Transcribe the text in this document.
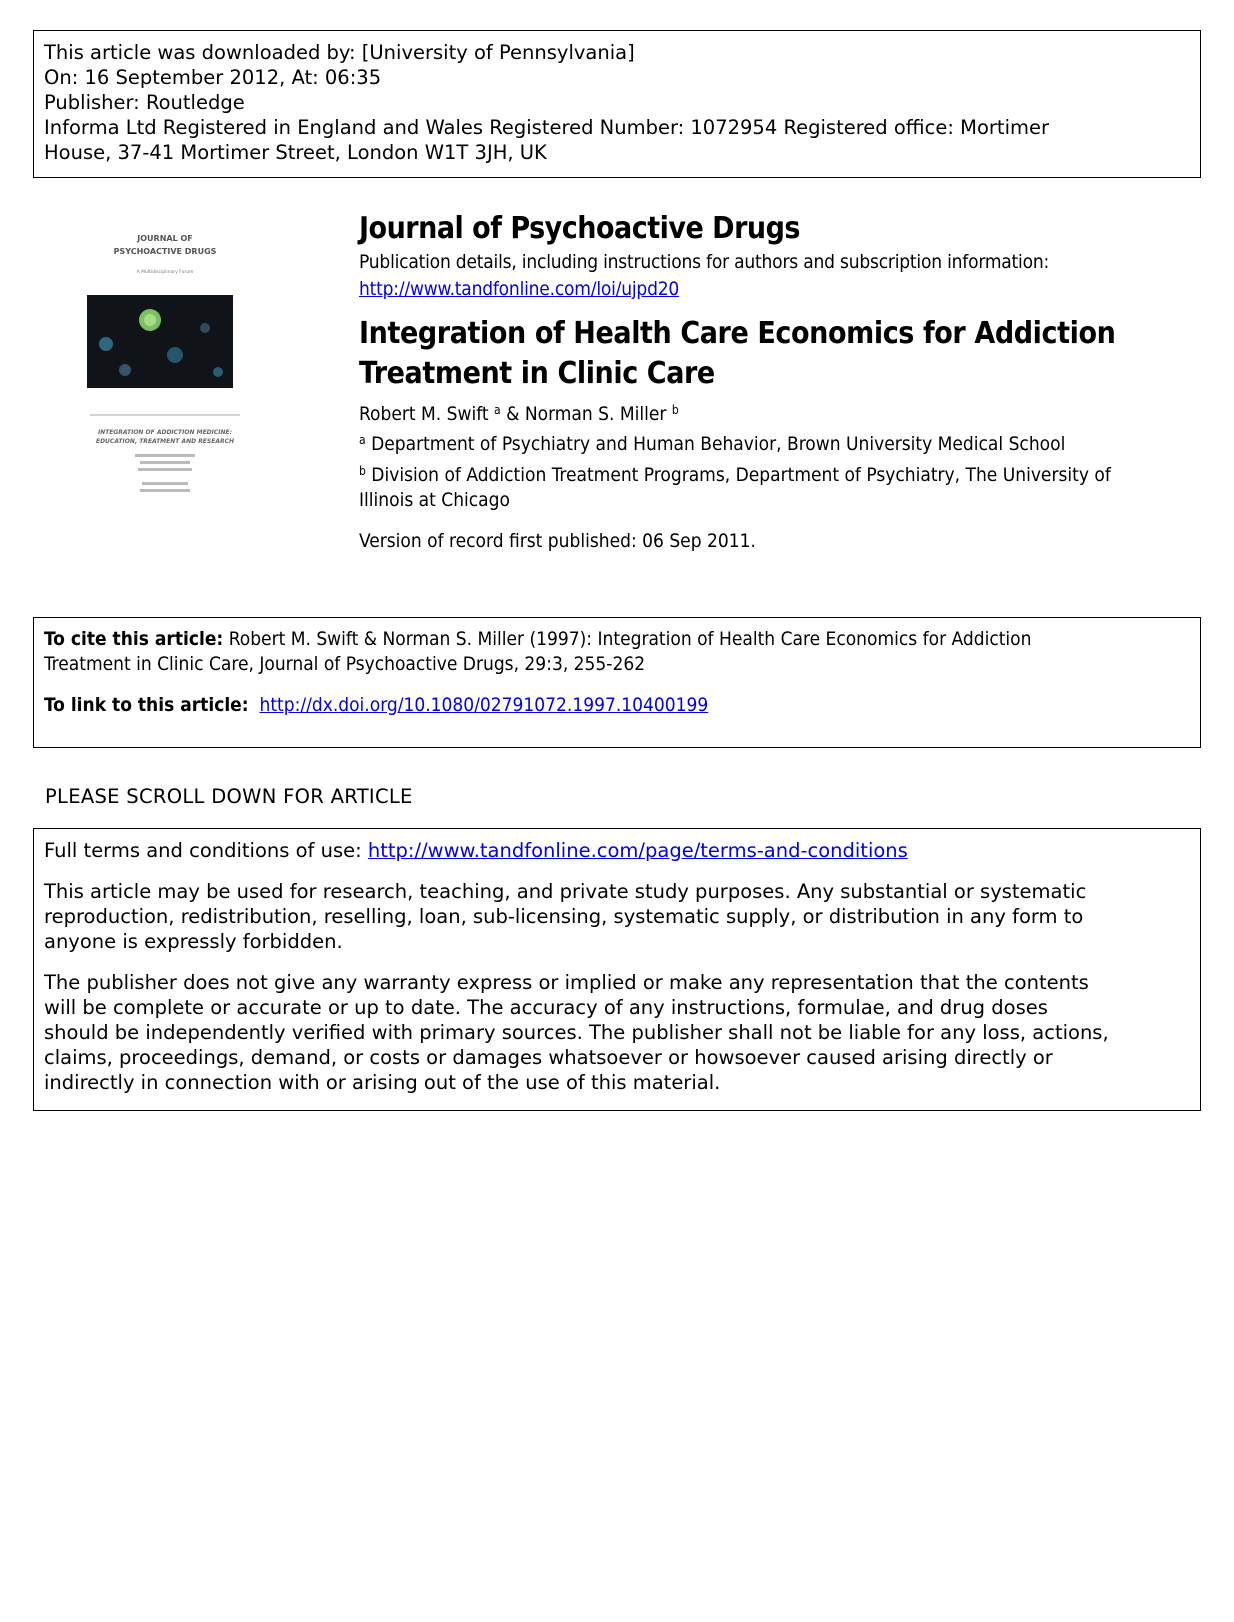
This article was downloaded by: [University of Pennsylvania]
On: 16 September 2012, At: 06:35
Publisher: Routledge
Informa Ltd Registered in England and Wales Registered Number: 1072954 Registered office: Mortimer
House, 37-41 Mortimer Street, London W1T 3JH, UK
JOURNAL OF
PSYCHOACTIVE DRUGS
A Multidisciplinary Forum
INTEGRATION OF ADDICTION MEDICINE:
EDUCATION, TREATMENT AND RESEARCH
Journal of Psychoactive Drugs
Publication details, including instructions for authors and subscription information:
http://www.tandfonline.com/loi/ujpd20
Integration of Health Care Economics for Addiction
Treatment in Clinic Care
Robert M. Swift $^a$ & Norman S. Miller $^b$
$^a$ Department of Psychiatry and Human Behavior, Brown University Medical School
$^b$ Division of Addiction Treatment Programs, Department of Psychiatry, The University of
Illinois at Chicago
Version of record first published: 06 Sep 2011.
To cite this article: Robert M. Swift & Norman S. Miller (1997): Integration of Health Care Economics for Addiction
Treatment in Clinic Care, Journal of Psychoactive Drugs, 29:3, 255-262
To link to this article: http://dx.doi.org/10.1080/02791072.1997.10400199
PLEASE SCROLL DOWN FOR ARTICLE

Full terms and conditions of use: http://www.tandfonline.com/page/terms-and-conditions

This article may be used for research, teaching, and private study purposes. Any substantial or systematic
reproduction, redistribution, reselling, loan, sub-licensing, systematic supply, or distribution in any form to
anyone is expressly forbidden.

The publisher does not give any warranty express or implied or make any representation that the contents
will be complete or accurate or up to date. The accuracy of any instructions, formulae, and drug doses
should be independently verified with primary sources. The publisher shall not be liable for any loss, actions,
claims, proceedings, demand, or costs or damages whatsoever or howsoever caused arising directly or
indirectly in connection with or arising out of the use of this material.
